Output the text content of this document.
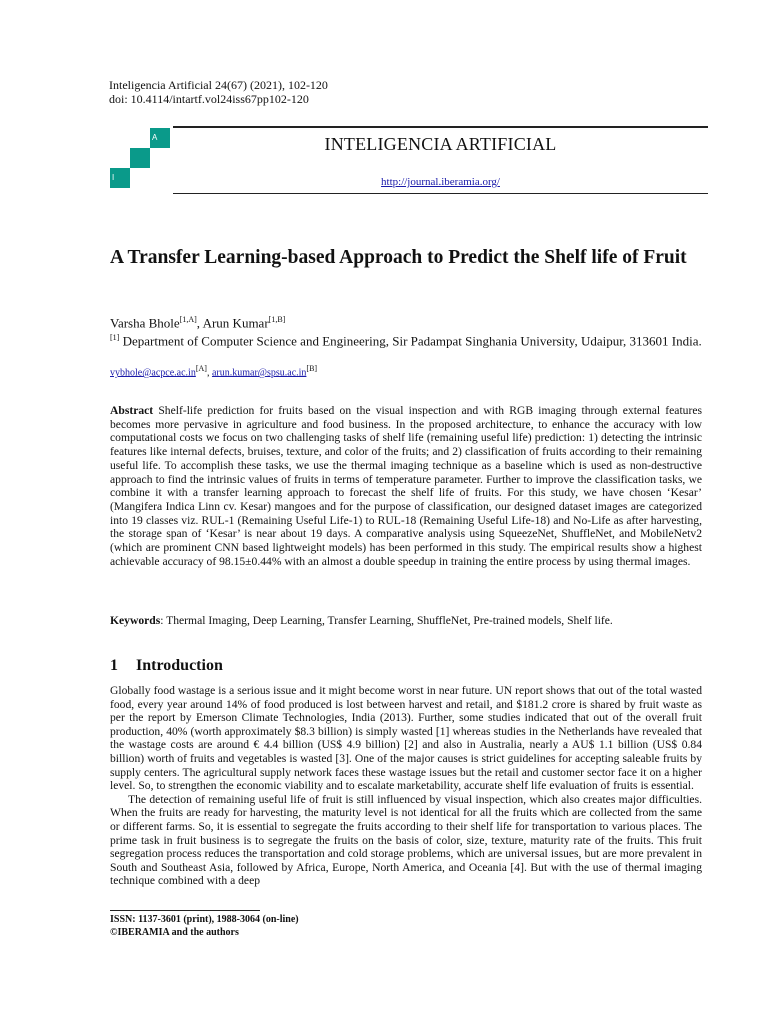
Inteligencia Artificial 24(67) (2021), 102-120
doi: 10.4114/intartf.vol24iss67pp102-120
A
I
INTELIGENCIA ARTIFICIAL
http://journal.iberamia.org/
A Transfer Learning-based Approach to Predict the Shelf life of Fruit
Varsha Bhole[1,A], Arun Kumar[1,B]
[1] Department of Computer Science and Engineering, Sir Padampat Singhania University, Udaipur, 313601 India.
vybhole@acpce.ac.in[A], arun.kumar@spsu.ac.in[B]
Abstract Shelf-life prediction for fruits based on the visual inspection and with RGB imaging through external features becomes more pervasive in agriculture and food business. In the proposed architecture, to enhance the accuracy with low computational costs we focus on two challenging tasks of shelf life (remaining useful life) prediction: 1) detecting the intrinsic features like internal defects, bruises, texture, and color of the fruits; and 2) classification of fruits according to their remaining useful life. To accomplish these tasks, we use the thermal imaging technique as a baseline which is used as non-destructive approach to find the intrinsic values of fruits in terms of temperature parameter. Further to improve the classification tasks, we combine it with a transfer learning approach to forecast the shelf life of fruits. For this study, we have chosen ‘Kesar’ (Mangifera Indica Linn cv. Kesar) mangoes and for the purpose of classification, our designed dataset images are categorized into 19 classes viz. RUL-1 (Remaining Useful Life-1) to RUL-18 (Remaining Useful Life-18) and No-Life as after harvesting, the storage span of ‘Kesar’ is near about 19 days. A comparative analysis using SqueezeNet, ShuffleNet, and MobileNetv2 (which are prominent CNN based lightweight models) has been performed in this study. The empirical results show a highest achievable accuracy of 98.15±0.44% with an almost a double speedup in training the entire process by using thermal images.
Keywords: Thermal Imaging, Deep Learning, Transfer Learning, ShuffleNet, Pre-trained models, Shelf life.
1 Introduction

Globally food wastage is a serious issue and it might become worst in near future. UN report shows that out of the total wasted food, every year around 14% of food produced is lost between harvest and retail, and $181.2 crore is shared by fruit waste as per the report by Emerson Climate Technologies, India (2013). Further, some studies indicated that out of the overall fruit production, 40% (worth approximately $8.3 billion) is simply wasted [1] whereas studies in the Netherlands have revealed that the wastage costs are around € 4.4 billion (US$ 4.9 billion) [2] and also in Australia, nearly a AU$ 1.1 billion (US$ 0.84 billion) worth of fruits and vegetables is wasted [3]. One of the major causes is strict guidelines for accepting saleable fruits by supply centers. The agricultural supply network faces these wastage issues but the retail and customer sector face it on a higher level. So, to strengthen the economic viability and to escalate marketability, accurate shelf life evaluation of fruits is essential.

The detection of remaining useful life of fruit is still influenced by visual inspection, which also creates major difficulties. When the fruits are ready for harvesting, the maturity level is not identical for all the fruits which are collected from the same or different farms. So, it is essential to segregate the fruits according to their shelf life for transportation to various places. The prime task in fruit business is to segregate the fruits on the basis of color, size, texture, maturity rate of the fruits. This fruit segregation process reduces the transportation and cold storage problems, which are universal issues, but are more prevalent in South and Southeast Asia, followed by Africa, Europe, North America, and Oceania [4]. But with the use of thermal imaging technique combined with a deep

ISSN: 1137-3601 (print), 1988-3064 (on-line)
©IBERAMIA and the authors
